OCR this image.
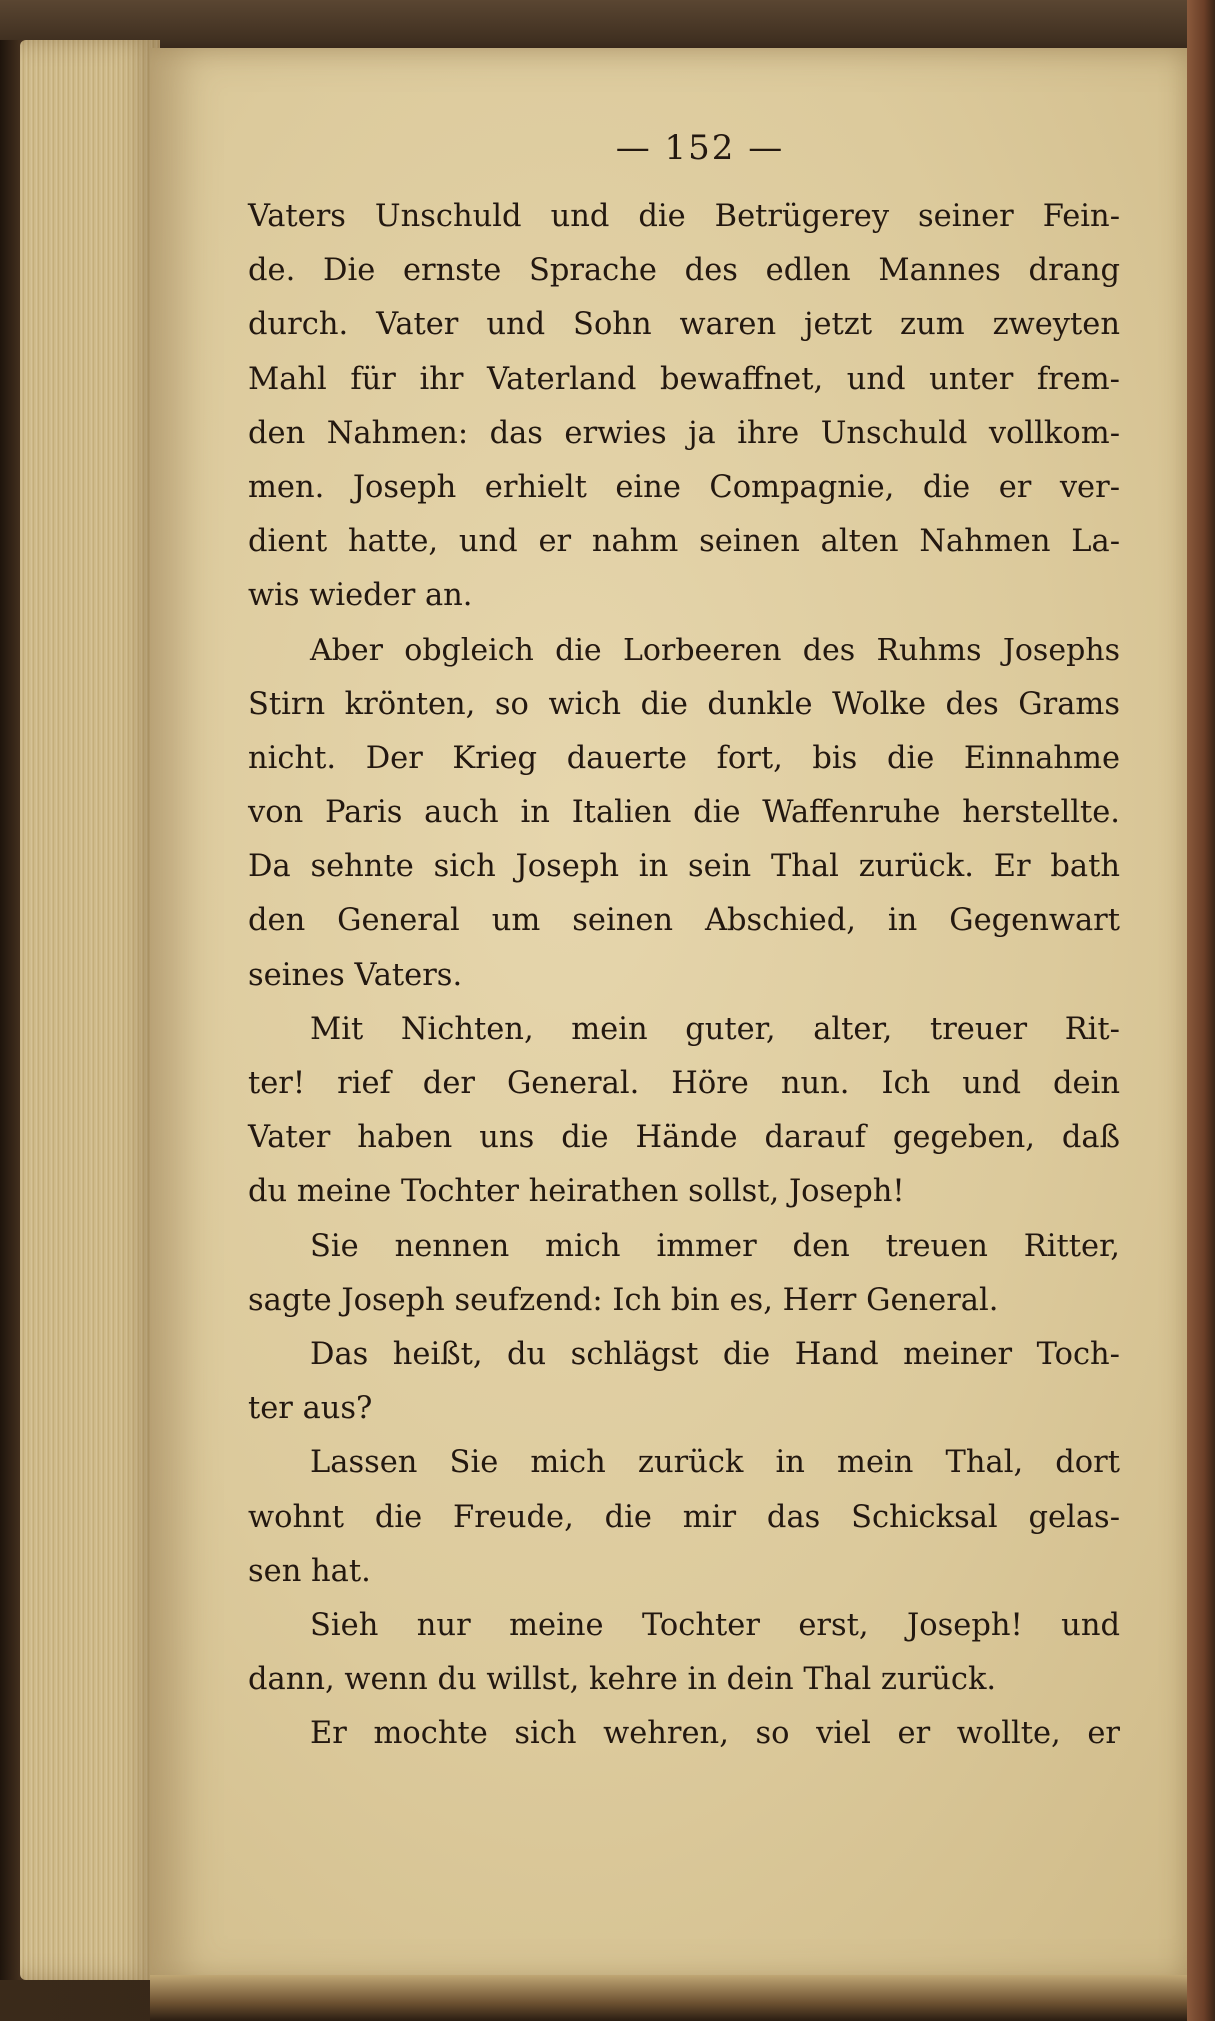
— 152 —
Vaters Unschuld und die Betrügerey seiner Fein-
de. Die ernste Sprache des edlen Mannes drang
durch. Vater und Sohn waren jetzt zum zweyten
Mahl für ihr Vaterland bewaffnet, und unter frem-
den Nahmen: das erwies ja ihre Unschuld vollkom-
men. Joseph erhielt eine Compagnie, die er ver-
dient hatte, und er nahm seinen alten Nahmen La-
wis wieder an.
Aber obgleich die Lorbeeren des Ruhms Josephs
Stirn krönten, so wich die dunkle Wolke des Grams
nicht. Der Krieg dauerte fort, bis die Einnahme
von Paris auch in Italien die Waffenruhe herstellte.
Da sehnte sich Joseph in sein Thal zurück. Er bath
den General um seinen Abschied, in Gegenwart
seines Vaters.
Mit Nichten, mein guter, alter, treuer Rit-
ter! rief der General. Höre nun. Ich und dein
Vater haben uns die Hände darauf gegeben, daß
du meine Tochter heirathen sollst, Joseph!
Sie nennen mich immer den treuen Ritter,
sagte Joseph seufzend: Ich bin es, Herr General.
Das heißt, du schlägst die Hand meiner Toch-
ter aus?
Lassen Sie mich zurück in mein Thal, dort
wohnt die Freude, die mir das Schicksal gelas-
sen hat.
Sieh nur meine Tochter erst, Joseph! und
dann, wenn du willst, kehre in dein Thal zurück.
Er mochte sich wehren, so viel er wollte, er
